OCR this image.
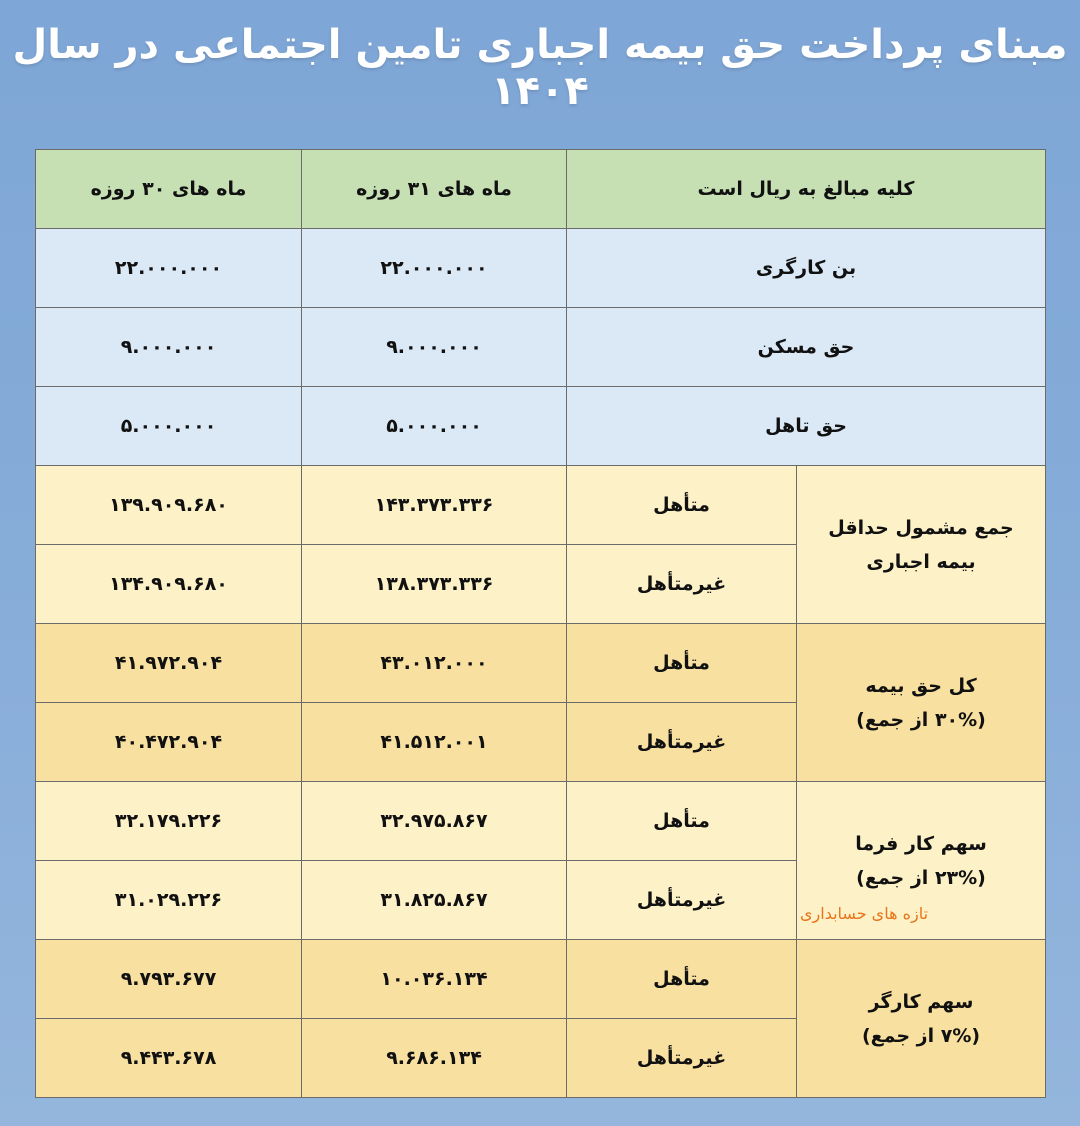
مبنای پرداخت حق بیمه اجباری تامین اجتماعی در سال ۱۴۰۴
کلیه مبالغ به ریال است		ماه های ۳۱ روزه	ماه های ۳۰ روزه
بن کارگری		۲۲.۰۰۰.۰۰۰	۲۲.۰۰۰.۰۰۰
حق مسکن		۹.۰۰۰.۰۰۰	۹.۰۰۰.۰۰۰
حق تاهل		۵.۰۰۰.۰۰۰	۵.۰۰۰.۰۰۰

جمع مشمول حداقل
بیمه اجباری	متأهل	۱۴۳.۳۷۳.۳۳۶	۱۳۹.۹۰۹.۶۸۰
	غیرمتأهل	۱۳۸.۳۷۳.۳۳۶	۱۳۴.۹۰۹.۶۸۰

کل حق بیمه
(۳۰% از جمع)	متأهل	۴۳.۰۱۲.۰۰۰	۴۱.۹۷۲.۹۰۴
	غیرمتأهل	۴۱.۵۱۲.۰۰۱	۴۰.۴۷۲.۹۰۴

سهم کار فرما
(۲۳% از جمع)	متأهل	۳۲.۹۷۵.۸۶۷	۳۲.۱۷۹.۲۲۶
	غیرمتأهل	۳۱.۸۲۵.۸۶۷	۳۱.۰۲۹.۲۲۶

سهم کارگر
(۷% از جمع)	متأهل	۱۰.۰۳۶.۱۳۴	۹.۷۹۳.۶۷۷
	غیرمتأهل	۹.۶۸۶.۱۳۴	۹.۴۴۳.۶۷۸
تازه های حسابداری
